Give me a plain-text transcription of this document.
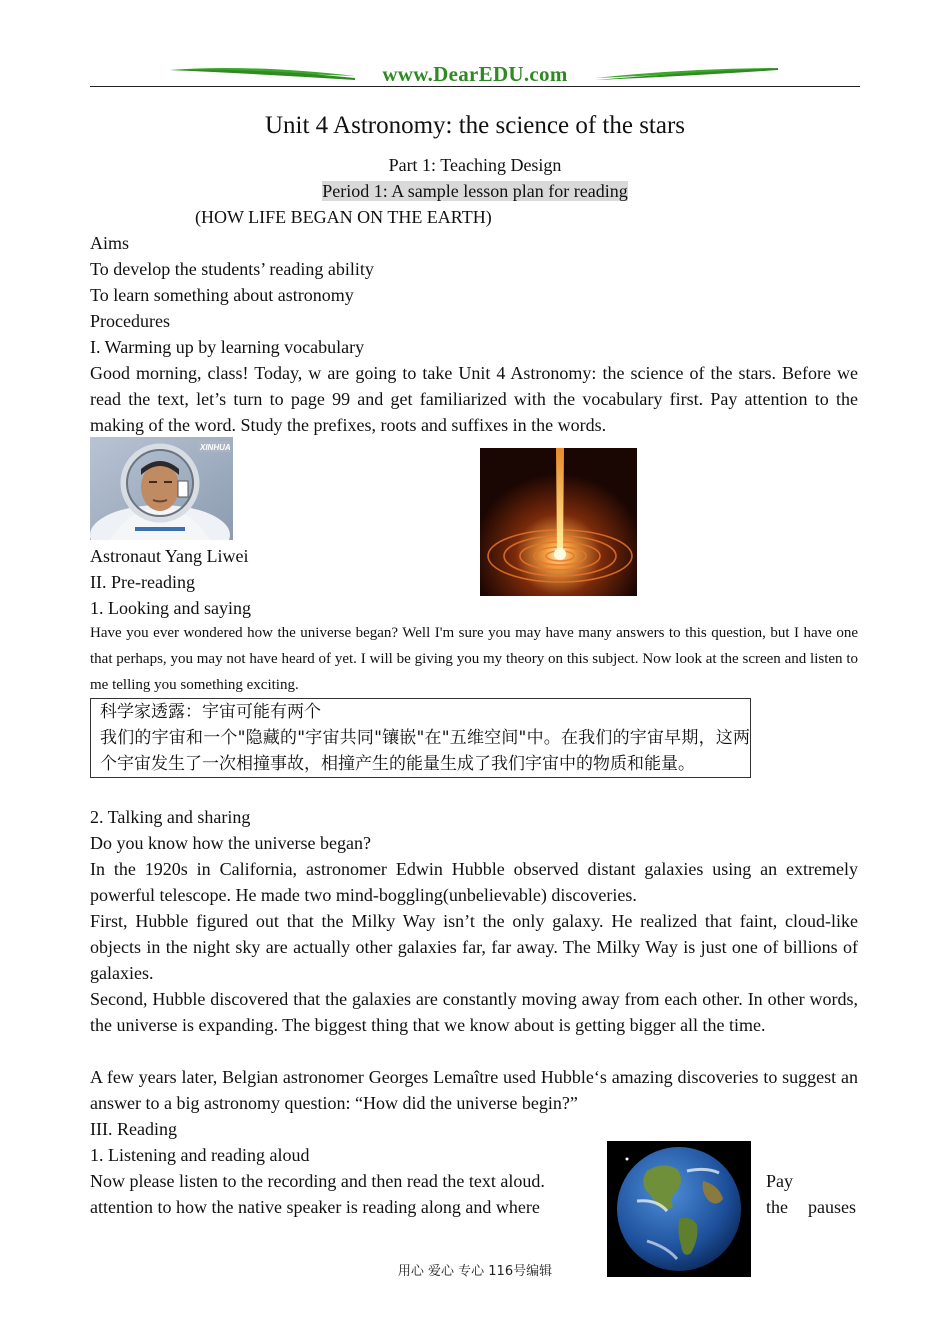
www.DearEDU.com
Unit 4 Astronomy: the science of the stars
Part 1: Teaching Design
Period 1: A sample lesson plan for reading
(HOW LIFE BEGAN ON THE EARTH)
Aims
To develop the students’ reading ability
To learn something about astronomy
Procedures
I. Warming up by learning vocabulary
Good morning, class! Today, w are going to take Unit 4 Astronomy: the science of the stars. Before we read the text, let’s turn to page 99 and get familiarized with the vocabulary first. Pay attention to the making of the word. Study the prefixes, roots and suffixes in the words.
XINHUA
Astronaut Yang Liwei
II. Pre-reading
1. Looking and saying
Have you ever wondered how the universe began? Well I'm sure you may have many answers to this question, but I have one that perhaps, you may not have heard of yet. I will be giving you my theory on this subject. Now look at the screen and listen to me telling you something exciting.
科学家透露：宇宙可能有两个
我们的宇宙和一个"隐藏的"宇宙共同"镶嵌"在"五维空间"中。在我们的宇宙早期，这两个宇宙发生了一次相撞事故，相撞产生的能量生成了我们宇宙中的物质和能量。
2. Talking and sharing
Do you know how the universe began?
In the 1920s in California, astronomer Edwin Hubble observed distant galaxies using an extremely powerful telescope. He made two mind-boggling(unbelievable) discoveries.
First, Hubble figured out that the Milky Way isn’t the only galaxy. He realized that faint, cloud-like objects in the night sky are actually other galaxies far, far away. The Milky Way is just one of billions of galaxies.
Second, Hubble discovered that the galaxies are constantly moving away from each other. In other words, the universe is expanding. The biggest thing that we know about is getting bigger all the time.
A few years later, Belgian astronomer Georges Lemaître used Hubble‘s amazing discoveries to suggest an answer to a big astronomy question: “How did the universe begin?”
III. Reading
1. Listening and reading aloud
Now please listen to the recording and then read the text aloud.	Pay
attention to how the native speaker is reading along and where	the pauses
用心 爱心 专心 116号编辑
